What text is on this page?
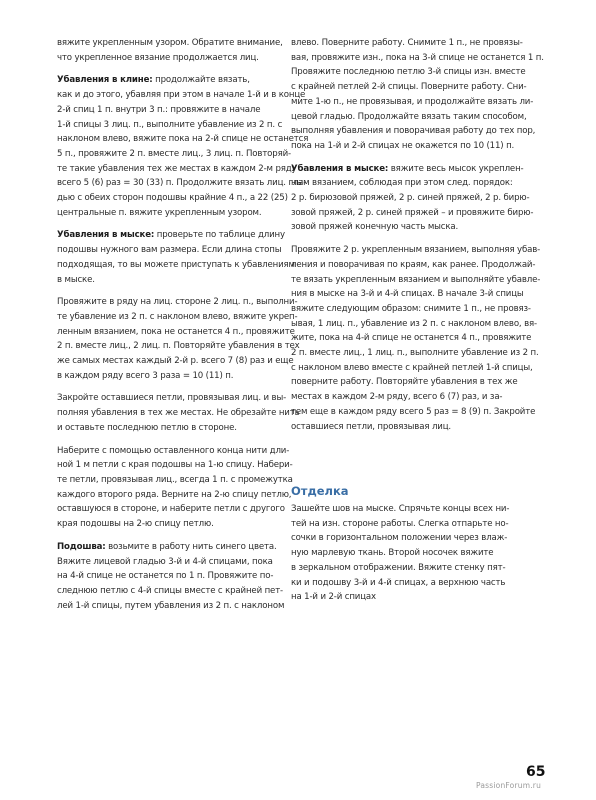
вяжите укрепленным узором. Обратите внимание,
что укрепленное вязание продолжается лиц.
Убавления в клине: продолжайте вязать,
как и до этого, убавляя при этом в начале 1-й и в конце
2-й спиц 1 п. внутри 3 п.: провяжите в начале
1-й спицы 3 лиц. п., выполните убавление из 2 п. с
наклоном влево, вяжите пока на 2-й спице не останется
5 п., провяжите 2 п. вместе лиц., 3 лиц. п. Повторяй-
те такие убавления тех же местах в каждом 2-м ряду
всего 5 (6) раз = 30 (33) п. Продолжите вязать лиц. гла-
дью с обеих сторон подошвы крайние 4 п., а 22 (25)
центральные п. вяжите укрепленным узором.
Убавления в мыске: проверьте по таблице длину
подошвы нужного вам размера. Если длина стопы
подходящая, то вы можете приступать к убавлениям
в мыске.
Провяжите в ряду на лиц. стороне 2 лиц. п., выполни-
те убавление из 2 п. с наклоном влево, вяжите укреп-
ленным вязанием, пока не останется 4 п., провяжите
2 п. вместе лиц., 2 лиц. п. Повторяйте убавления в тех
же самых местах каждый 2-й р. всего 7 (8) раз и еще
в каждом ряду всего 3 раза = 10 (11) п.
Закройте оставшиеся петли, провязывая лиц. и вы-
полняя убавления в тех же местах. Не обрезайте нить
и оставьте последнюю петлю в стороне.
Наберите с помощью оставленного конца нити дли-
ной 1 м петли с края подошвы на 1-ю спицу. Набери-
те петли, провязывая лиц., всегда 1 п. с промежутка
каждого второго ряда. Верните на 2-ю спицу петлю,
оставшуюся в стороне, и наберите петли с другого
края подошвы на 2-ю спицу петлю.
Подошва: возьмите в работу нить синего цвета.
Вяжите лицевой гладью 3-й и 4-й спицами, пока
на 4-й спице не останется по 1 п. Провяжите по-
следнюю петлю с 4-й спицы вместе с крайней пет-
лей 1-й спицы, путем убавления из 2 п. с наклоном
влево. Поверните работу. Снимите 1 п., не провязы-
вая, провяжите изн., пока на 3-й спице не останется 1 п.
Провяжите последнюю петлю 3-й спицы изн. вместе
с крайней петлей 2-й спицы. Поверните работу. Сни-
мите 1-ю п., не провязывая, и продолжайте вязать ли-
цевой гладью. Продолжайте вязать таким способом,
выполняя убавления и поворачивая работу до тех пор,
пока на 1-й и 2-й спицах не окажется по 10 (11) п.
Убавления в мыске: вяжите весь мысок укреплен-
ным вязанием, соблюдая при этом след. порядок:
2 р. бирюзовой пряжей, 2 р. синей пряжей, 2 р. бирю-
зовой пряжей, 2 р. синей пряжей – и провяжите бирю-
зовой пряжей конечную часть мыска.
Провяжите 2 р. укрепленным вязанием, выполняя убав-
ления и поворачивая по краям, как ранее. Продолжай-
те вязать укрепленным вязанием и выполняйте убавле-
ния в мыске на 3-й и 4-й спицах. В начале 3-й спицы
вяжите следующим образом: снимите 1 п., не провяз-
ывая, 1 лиц. п., убавление из 2 п. с наклоном влево, вя-
жите, пока на 4-й спице не останется 4 п., провяжите
2 п. вместе лиц., 1 лиц. п., выполните убавление из 2 п.
с наклоном влево вместе с крайней петлей 1-й спицы,
поверните работу. Повторяйте убавления в тех же
местах в каждом 2-м ряду, всего 6 (7) раз, и за-
тем еще в каждом ряду всего 5 раз = 8 (9) п. Закройте
оставшиеся петли, провязывая лиц.
Отделка
Зашейте шов на мыске. Спрячьте концы всех ни-
тей на изн. стороне работы. Слегка отпарьте но-
сочки в горизонтальном положении через влаж-
ную марлевую ткань. Второй носочек вяжите
в зеркальном отображении. Вяжите стенку пят-
ки и подошву 3-й и 4-й спицах, а верхнюю часть
на 1-й и 2-й спицах
65
PassionForum.ru
